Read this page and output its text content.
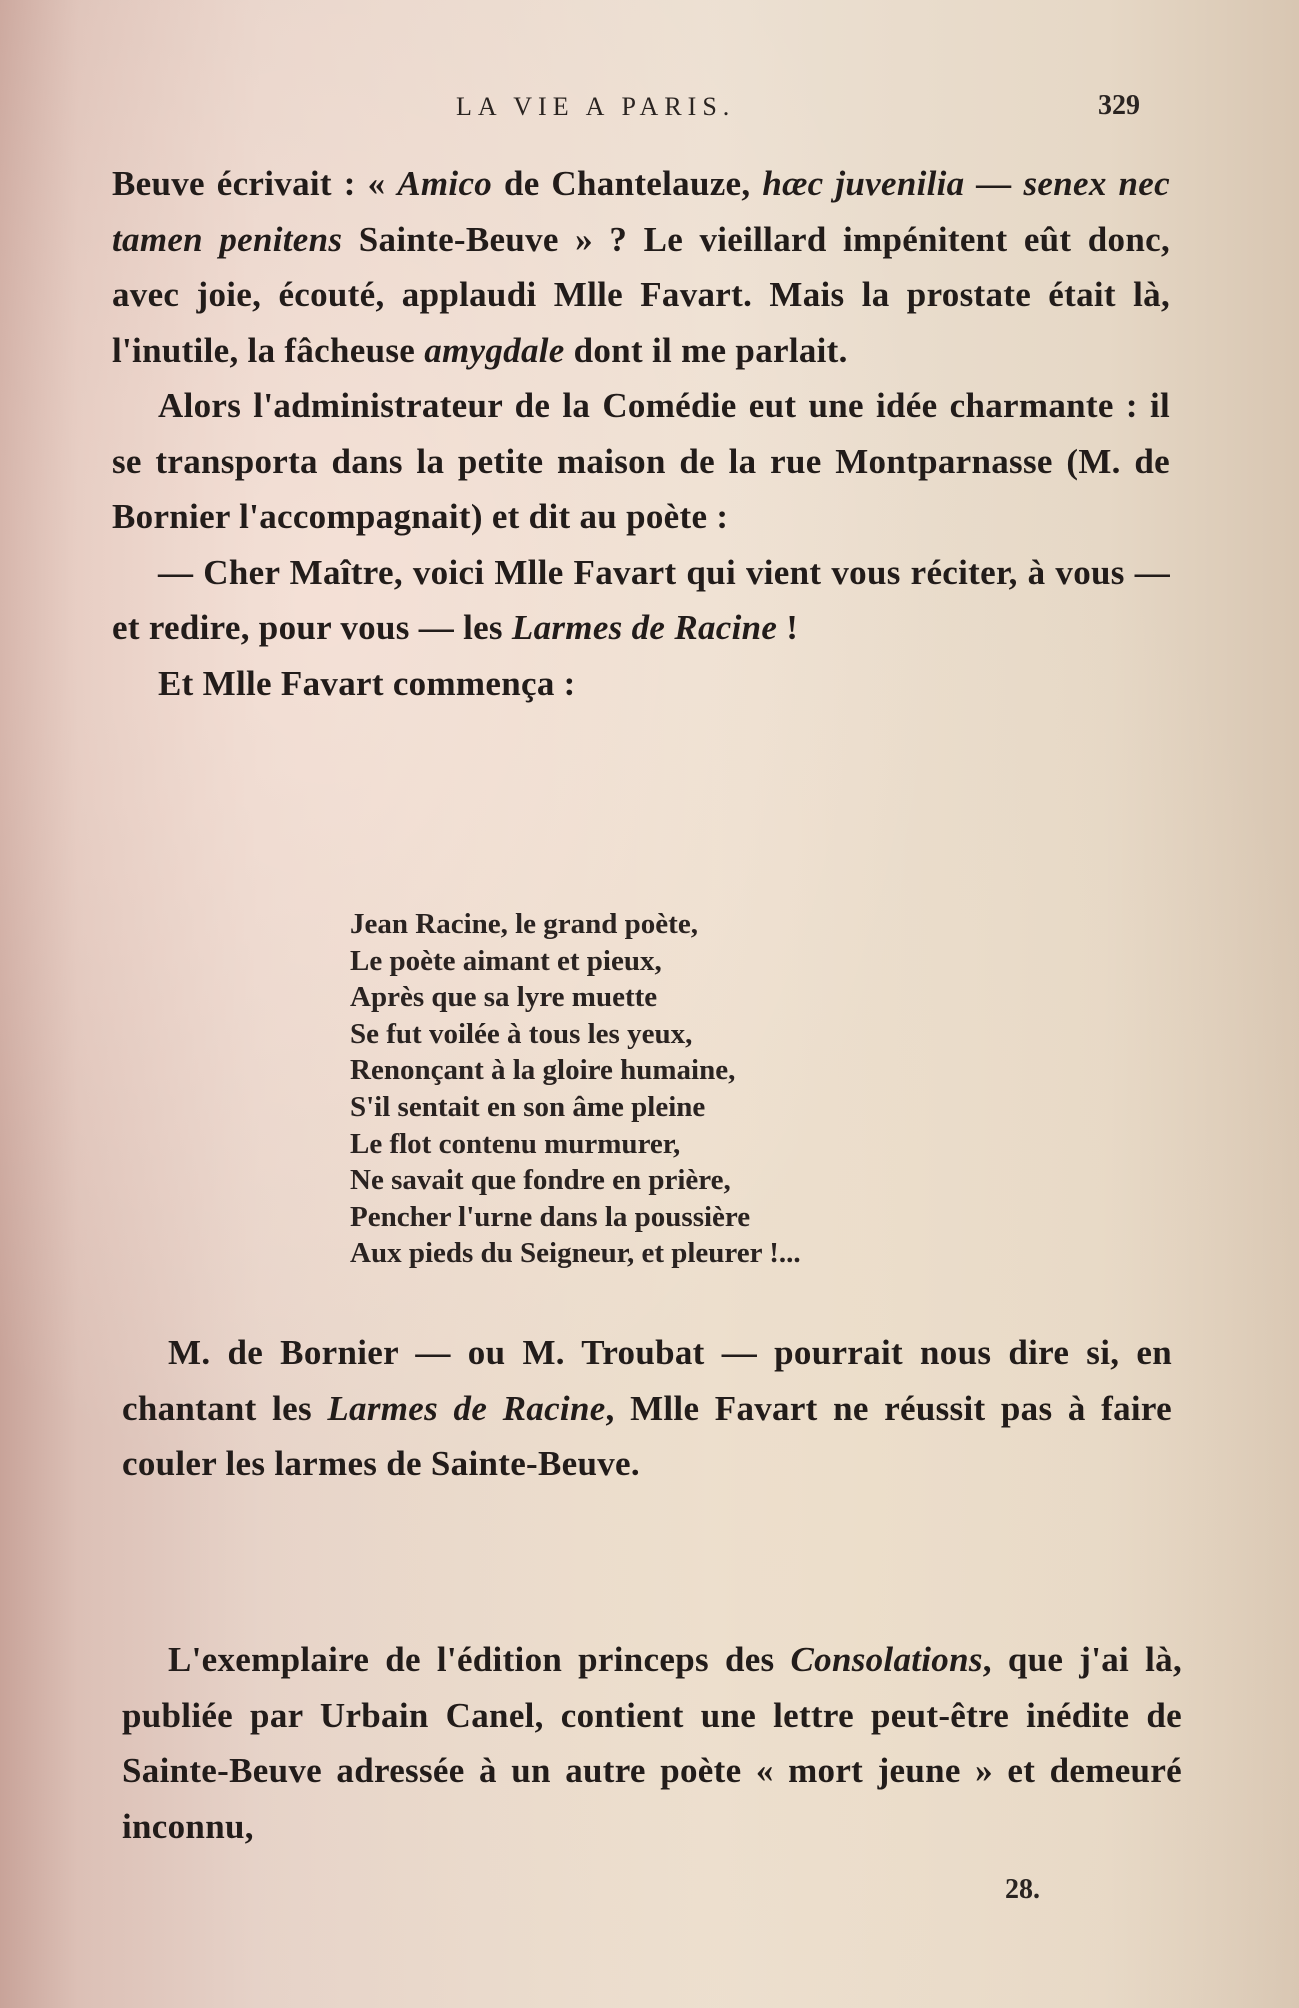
LA VIE A PARIS.	329

Beuve écrivait : « Amico de Chantelauze, hæc juvenilia — senex nec tamen penitens Sainte-Beuve » ? Le vieillard impénitent eût donc, avec joie, écouté, applaudi Mlle Favart. Mais la prostate était là, l'inutile, la fâcheuse amygdale dont il me parlait.

Alors l'administrateur de la Comédie eut une idée charmante : il se transporta dans la petite maison de la rue Montparnasse (M. de Bornier l'accompagnait) et dit au poète :

— Cher Maître, voici Mlle Favart qui vient vous réciter, à vous — et redire, pour vous — les Larmes de Racine !

Et Mlle Favart commença :

Jean Racine, le grand poète,
Le poète aimant et pieux,
Après que sa lyre muette
Se fut voilée à tous les yeux,
Renonçant à la gloire humaine,
S'il sentait en son âme pleine
Le flot contenu murmurer,
Ne savait que fondre en prière,
Pencher l'urne dans la poussière
Aux pieds du Seigneur, et pleurer !...

M. de Bornier — ou M. Troubat — pourrait nous dire si, en chantant les Larmes de Racine, Mlle Favart ne réussit pas à faire couler les larmes de Sainte-Beuve.

L'exemplaire de l'édition princeps des Consolations, que j'ai là, publiée par Urbain Canel, contient une lettre peut-être inédite de Sainte-Beuve adressée à un autre poète « mort jeune » et demeuré inconnu,

28.
